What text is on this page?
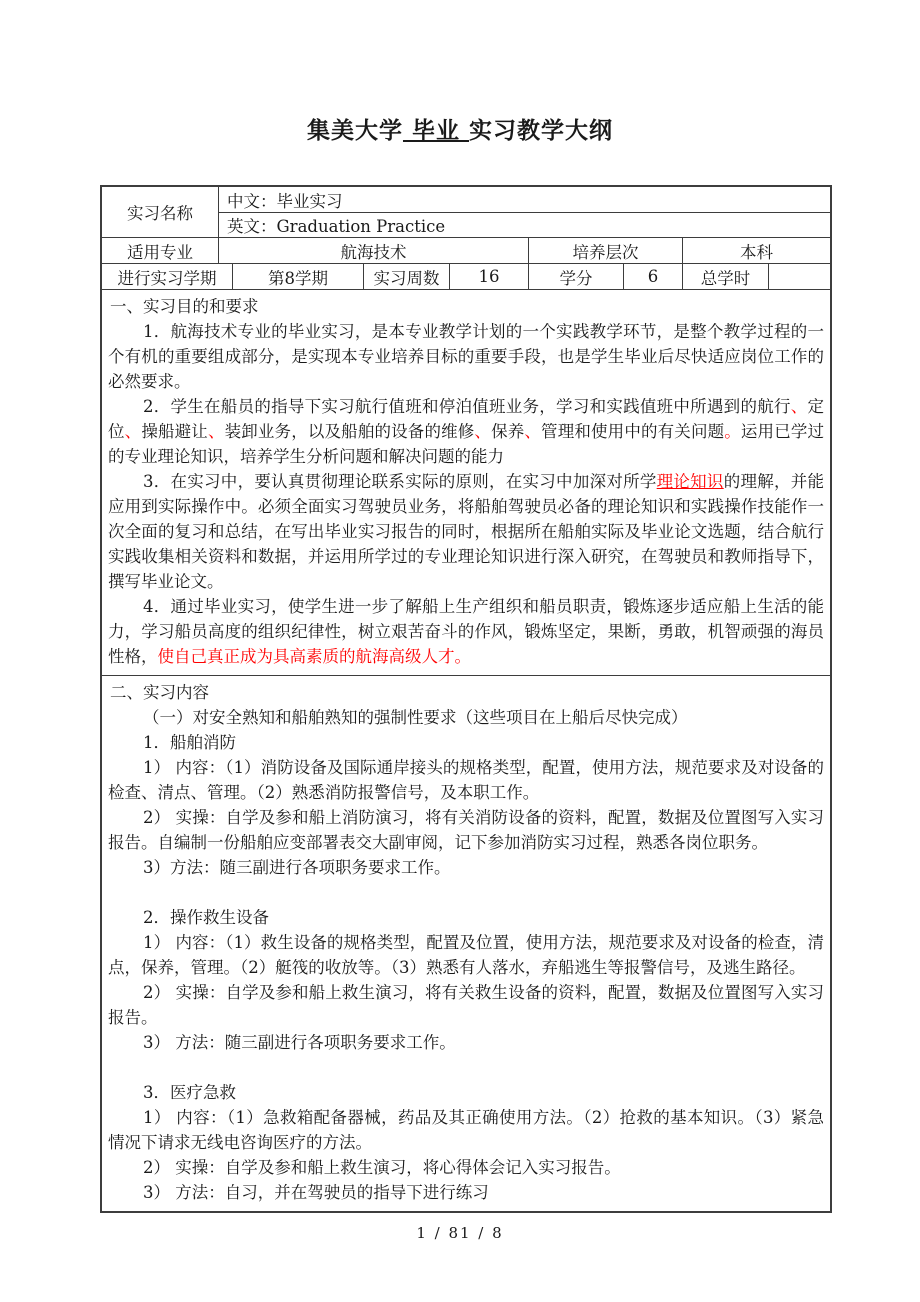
集美大学 毕业 实习教学大纲
实习名称
中文：毕业实习
英文：Graduation Practice
适用专业	航海技术	培养层次	本科
进行实习学期	第8学期	实习周数	16	学分	6	总学时

一、实习目的和要求

1．航海技术专业的毕业实习，是本专业教学计划的一个实践教学环节，是整个教学过程的一个有机的重要组成部分，是实现本专业培养目标的重要手段，也是学生毕业后尽快适应岗位工作的必然要求。

2．学生在船员的指导下实习航行值班和停泊值班业务，学习和实践值班中所遇到的航行、定位、操船避让、装卸业务，以及船舶的设备的维修、保养、管理和使用中的有关问题。运用已学过的专业理论知识，培养学生分析问题和解决问题的能力

3．在实习中，要认真贯彻理论联系实际的原则，在实习中加深对所学理论知识的理解，并能应用到实际操作中。必须全面实习驾驶员业务，将船舶驾驶员必备的理论知识和实践操作技能作一次全面的复习和总结，在写出毕业实习报告的同时，根据所在船舶实际及毕业论文选题，结合航行实践收集相关资料和数据，并运用所学过的专业理论知识进行深入研究，在驾驶员和教师指导下，撰写毕业论文。

4．通过毕业实习，使学生进一步了解船上生产组织和船员职责，锻炼逐步适应船上生活的能力，学习船员高度的组织纪律性，树立艰苦奋斗的作风，锻炼坚定，果断，勇敢，机智顽强的海员性格，使自己真正成为具高素质的航海高级人才。

二、实习内容

（一）对安全熟知和船舶熟知的强制性要求（这些项目在上船后尽快完成）

1．船舶消防

1） 内容：（1）消防设备及国际通岸接头的规格类型，配置，使用方法，规范要求及对设备的检查、清点、管理。（2）熟悉消防报警信号，及本职工作。

2） 实操：自学及参和船上消防演习，将有关消防设备的资料，配置，数据及位置图写入实习报告。自编制一份船舶应变部署表交大副审阅，记下参加消防实习过程，熟悉各岗位职务。

3）方法：随三副进行各项职务要求工作。

2．操作救生设备

1） 内容：（1）救生设备的规格类型，配置及位置，使用方法，规范要求及对设备的检查，清点，保养，管理。（2）艇筏的收放等。（3）熟悉有人落水，弃船逃生等报警信号，及逃生路径。

2） 实操：自学及参和船上救生演习，将有关救生设备的资料，配置，数据及位置图写入实习报告。

3） 方法：随三副进行各项职务要求工作。

3．医疗急救

1） 内容：（1）急救箱配备器械，药品及其正确使用方法。（2）抢救的基本知识。（3）紧急情况下请求无线电咨询医疗的方法。

2） 实操：自学及参和船上救生演习，将心得体会记入实习报告。

3） 方法：自习，并在驾驶员的指导下进行练习

1 / 81 / 8
